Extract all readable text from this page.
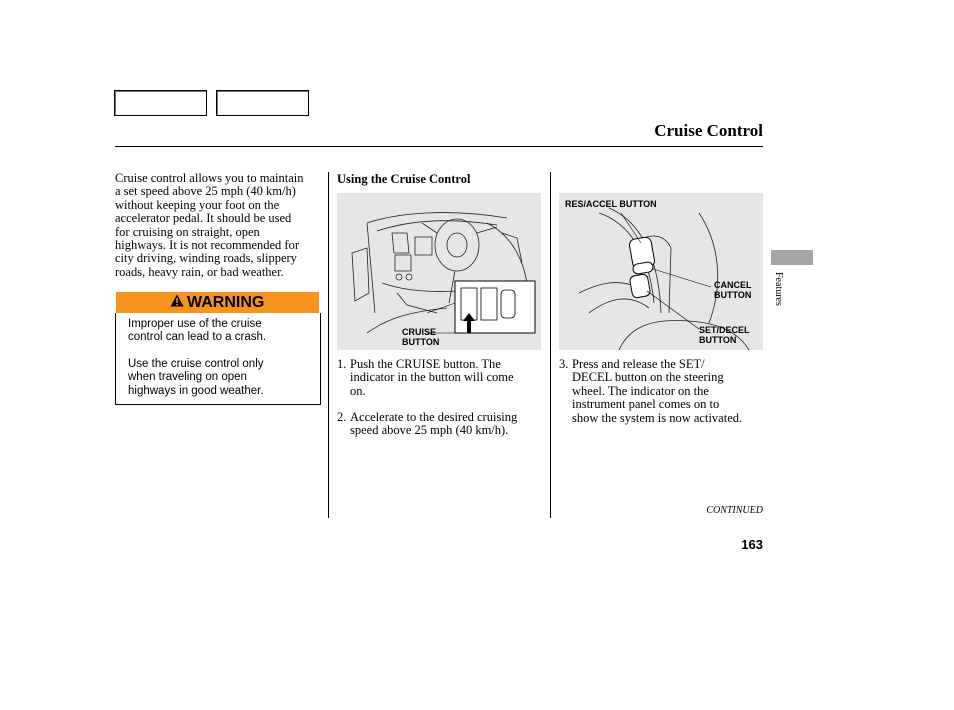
Cruise Control
Cruise control allows you to maintain
a set speed above 25 mph (40 km/h)
without keeping your foot on the
accelerator pedal. It should be used
for cruising on straight, open
highways. It is not recommended for
city driving, winding roads, slippery
roads, heavy rain, or bad weather.
WARNING
Improper use of the cruise
control can lead to a crash.
Use the cruise control only
when traveling on open
highways in good weather.
Using the Cruise Control
CRUISE
BUTTON
1. Push the CRUISE button. The
indicator in the button will come
on.
2. Accelerate to the desired cruising
speed above 25 mph (40 km/h).
RES/ACCEL BUTTON
CANCEL
BUTTON
SET/DECEL
BUTTON
3. Press and release the SET/
DECEL button on the steering
wheel. The indicator on the
instrument panel comes on to
show the system is now activated.
Features
CONTINUED
163
